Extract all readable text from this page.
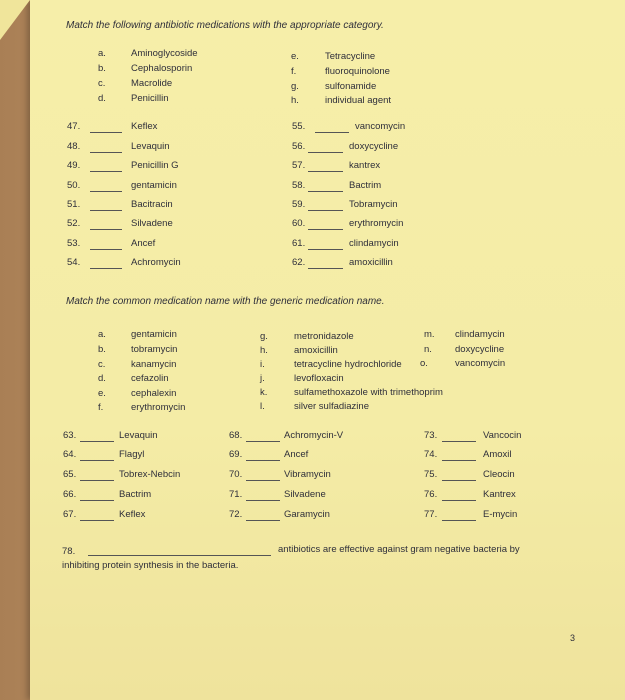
Match the following antibiotic medications with the appropriate category.
a.	Aminoglycoside
b.	Cephalosporin
c.	Macrolide
d.	Penicillin
e.	Tetracycline
f.	fluoroquinolone
g.	sulfonamide
h.	individual agent
47.	Keflex
48.	Levaquin
49.	Penicillin G
50.	gentamicin
51.	Bacitracin
52.	Silvadene
53.	Ancef
54.	Achromycin
55.	vancomycin
56.	doxycycline
57.	kantrex
58.	Bactrim
59.	Tobramycin
60.	erythromycin
61.	clindamycin
62.	amoxicillin
Match the common medication name with the generic medication name.
a.	gentamicin
b.	tobramycin
c.	kanamycin
d.	cefazolin
e.	cephalexin
f.	erythromycin
g.	metronidazole
h.	amoxicillin
i.	tetracycline hydrochloride
j.	levofloxacin
k.	sulfamethoxazole with trimethoprim
l.	silver sulfadiazine
m. clindamycin
n. doxycycline
o.	vancomycin
63.	Levaquin
64.	Flagyl
65.	Tobrex-Nebcin
66.	Bactrim
67.	Keflex
68.	Achromycin-V
69.	Ancef
70.	Vibramycin
71.	Silvadene
72.	Garamycin
73.	Vancocin
74.	Amoxil
75.	Cleocin
76.	Kantrex
77.	E-mycin
78.	antibiotics are effective against gram negative bacteria by
inhibiting protein synthesis in the bacteria.
3
